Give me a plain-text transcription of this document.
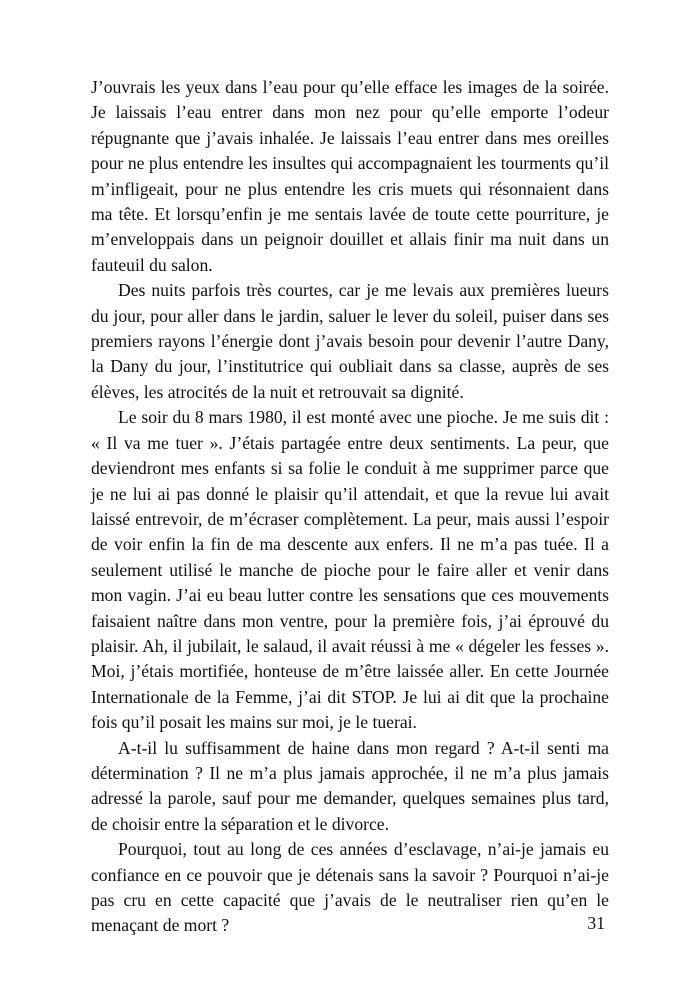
J’ouvrais les yeux dans l’eau pour qu’elle efface les images de la soirée. Je laissais l’eau entrer dans mon nez pour qu’elle emporte l’odeur répugnante que j’avais inhalée. Je laissais l’eau entrer dans mes oreilles pour ne plus entendre les insultes qui accompagnaient les tourments qu’il m’infligeait, pour ne plus entendre les cris muets qui résonnaient dans ma tête. Et lorsqu’enfin je me sentais lavée de toute cette pourriture, je m’enveloppais dans un peignoir douillet et allais finir ma nuit dans un fauteuil du salon.

Des nuits parfois très courtes, car je me levais aux premières lueurs du jour, pour aller dans le jardin, saluer le lever du soleil, puiser dans ses premiers rayons l’énergie dont j’avais besoin pour devenir l’autre Dany, la Dany du jour, l’institutrice qui oubliait dans sa classe, auprès de ses élèves, les atrocités de la nuit et retrouvait sa dignité.

Le soir du 8 mars 1980, il est monté avec une pioche. Je me suis dit : « Il va me tuer ». J’étais partagée entre deux sentiments. La peur, que deviendront mes enfants si sa folie le conduit à me supprimer parce que je ne lui ai pas donné le plaisir qu’il attendait, et que la revue lui avait laissé entrevoir, de m’écraser complètement. La peur, mais aussi l’espoir de voir enfin la fin de ma descente aux enfers. Il ne m’a pas tuée. Il a seulement utilisé le manche de pioche pour le faire aller et venir dans mon vagin. J’ai eu beau lutter contre les sensations que ces mouvements faisaient naître dans mon ventre, pour la première fois, j’ai éprouvé du plaisir. Ah, il jubilait, le salaud, il avait réussi à me « dégeler les fesses ». Moi, j’étais mortifiée, honteuse de m’être laissée aller. En cette Journée Internationale de la Femme, j’ai dit STOP. Je lui ai dit que la prochaine fois qu’il posait les mains sur moi, je le tuerai.

A-t-il lu suffisamment de haine dans mon regard ? A-t-il senti ma détermination ? Il ne m’a plus jamais approchée, il ne m’a plus jamais adressé la parole, sauf pour me demander, quelques semaines plus tard, de choisir entre la séparation et le divorce.

Pourquoi, tout au long de ces années d’esclavage, n’ai-je jamais eu confiance en ce pouvoir que je détenais sans la savoir ? Pourquoi n’ai-je pas cru en cette capacité que j’avais de le neutraliser rien qu’en le menaçant de mort ?	31
